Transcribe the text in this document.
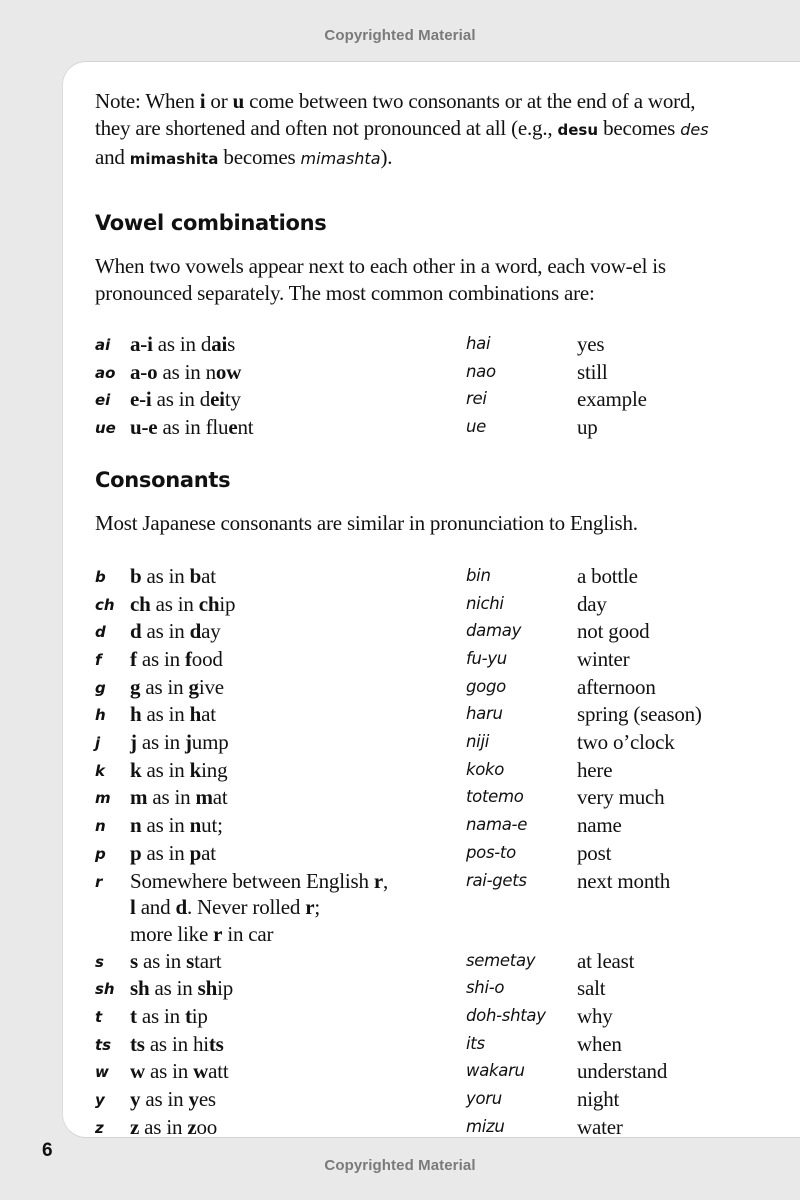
Copyrighted Material

Note: When i or u come between two consonants or at the end of a word, they are shortened and often not pronounced at all (e.g., desu becomes des and mimashita becomes mimashta).

Vowel combinations

When two vowels appear next to each other in a word, each vow-el is pronounced separately. The most common combinations are:

ai a-i as in dais	hai	yes
ao a-o as in now	nao	still
ei e-i as in deity	rei	example
ue u-e as in fluent	ue	up
Consonants

Most Japanese consonants are similar in pronunciation to English.

b	b as in bat	bin	a bottle
ch ch as in chip	nichi	day
d	d as in day	damay	not good
f	f as in food	fu-yu	winter
g	g as in give	gogo	afternoon
h	h as in hat	haru	spring (season)
j	j as in jump	niji	two o’clock
k	k as in king	koko	here
m m as in mat	totemo	very much
n	n as in nut;	nama-e	name
p	p as in pat	pos-to	post
r	Somewhere between English r,
l and d. Never rolled r;
more like r in car
rai-gets	next month
s	s as in start	semetay	at least
sh sh as in ship	shi-o	salt
t	t as in tip	doh-shtay	why
ts ts as in hits	its	when
w	w as in watt	wakaru	understand
y	y as in yes	yoru	night
z	z as in zoo	mizu	water
6
Copyrighted Material
